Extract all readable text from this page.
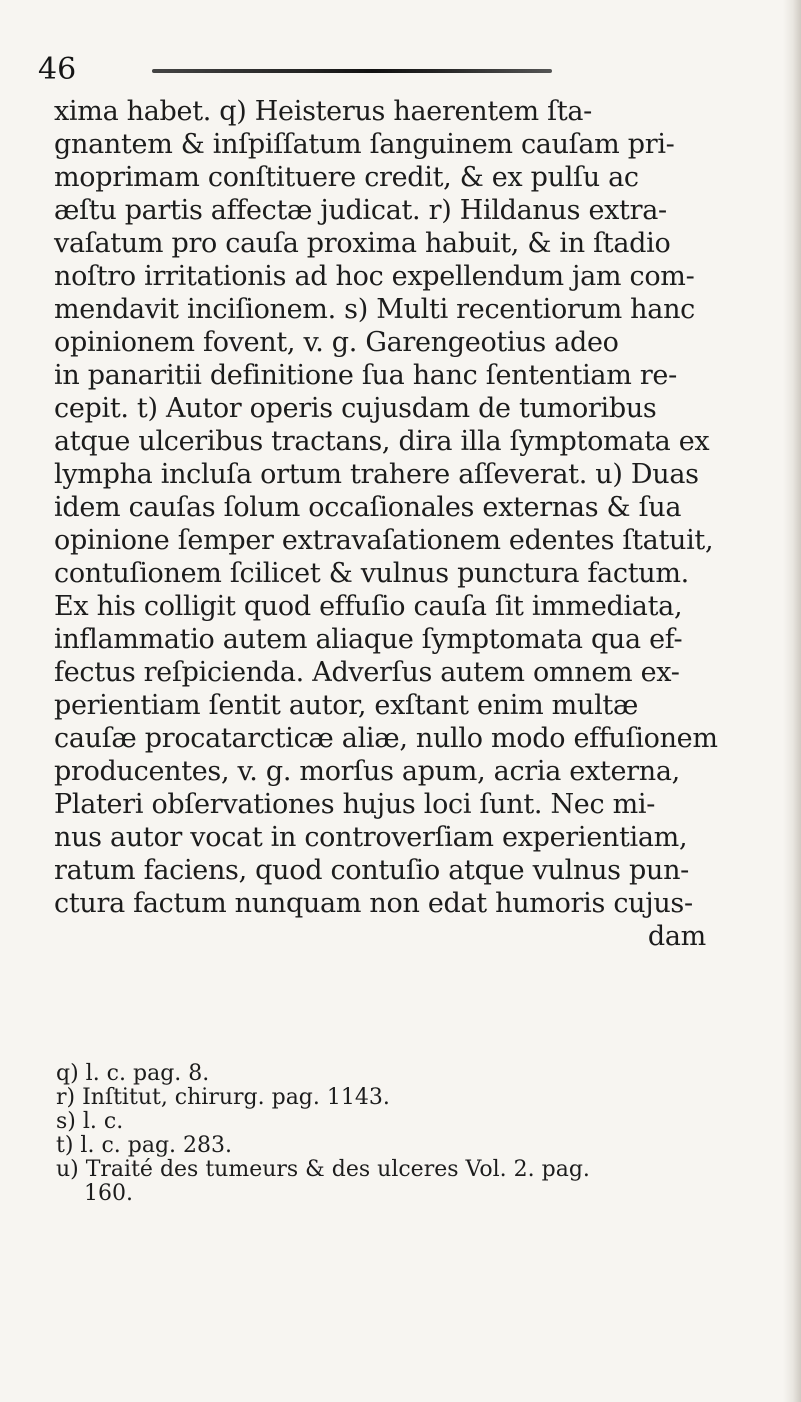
46

xima habet. q) Heisterus haerentem ſta-
gnantem & inſpiſſatum ſanguinem cauſam pri-
moprimam conſtituere credit, & ex pulſu ac
æſtu partis affectæ judicat. r) Hildanus extra-
vaſatum pro cauſa proxima habuit, & in ſtadio
noſtro irritationis ad hoc expellendum jam com-
mendavit inciſionem. s) Multi recentiorum hanc
opinionem fovent, v. g. Garengeotius adeo
in panaritii definitione ſua hanc ſententiam re-
cepit. t) Autor operis cujusdam de tumoribus
atque ulceribus tractans, dira illa ſymptomata ex
lympha incluſa ortum trahere aſſeverat. u) Duas
idem cauſas ſolum occaſionales externas & ſua
opinione ſemper extravaſationem edentes ſtatuit,
contuſionem ſcilicet & vulnus punctura factum.
Ex his colligit quod effuſio cauſa ſit immediata,
inflammatio autem aliaque ſymptomata qua ef-
fectus reſpicienda. Adverſus autem omnem ex-
perientiam ſentit autor, exſtant enim multæ
cauſæ procatarcticæ aliæ, nullo modo effuſionem
producentes, v. g. morſus apum, acria externa,
Plateri obſervationes hujus loci ſunt. Nec mi-
nus autor vocat in controverſiam experientiam,
ratum faciens, quod contuſio atque vulnus pun-
ctura factum nunquam non edat humoris cujus-
dam

q) l. c. pag. 8.
r) Inſtitut, chirurg. pag. 1143.
s) l. c.
t) l. c. pag. 283.
u) Traité des tumeurs & des ulceres Vol. 2. pag.
160.
